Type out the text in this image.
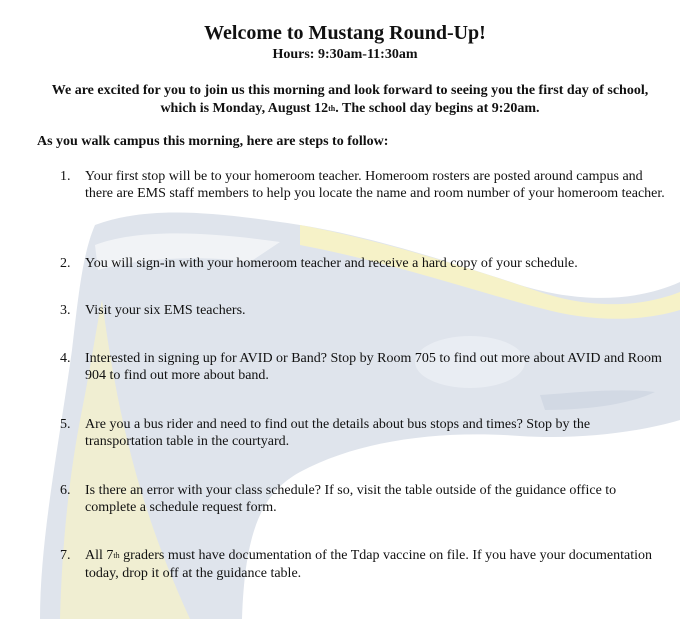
Welcome to Mustang Round-Up!
Hours: 9:30am-11:30am
We are excited for you to join us this morning and look forward to seeing you the first day of school, which is Monday, August 12th. The school day begins at 9:20am.
As you walk campus this morning, here are steps to follow:
1. Your first stop will be to your homeroom teacher. Homeroom rosters are posted around campus and there are EMS staff members to help you locate the name and room number of your homeroom teacher.
2. You will sign-in with your homeroom teacher and receive a hard copy of your schedule.
3. Visit your six EMS teachers.
4. Interested in signing up for AVID or Band? Stop by Room 705 to find out more about AVID and Room 904 to find out more about band.
5. Are you a bus rider and need to find out the details about bus stops and times? Stop by the transportation table in the courtyard.
6. Is there an error with your class schedule? If so, visit the table outside of the guidance office to complete a schedule request form.
7. All 7th graders must have documentation of the Tdap vaccine on file. If you have your documentation today, drop it off at the guidance table.
